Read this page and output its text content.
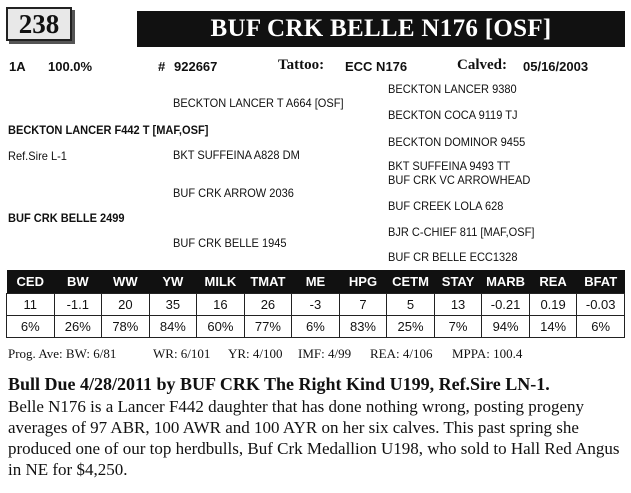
238	BUF CRK BELLE N176 [OSF]
1A 100.0%	# 922667	Tattoo: ECC N176	Calved: 05/16/2003
BECKTON LANCER F442 T [MAF,OSF]
Ref.Sire L-1
BUF CRK BELLE 2499
BECKTON LANCER T A664 [OSF]
BKT SUFFEINA A828 DM
BUF CRK ARROW 2036
BUF CRK BELLE 1945
BECKTON LANCER 9380
BECKTON COCA 9119 TJ
BECKTON DOMINOR 9455
BKT SUFFEINA 9493 TT
BUF CRK VC ARROWHEAD
BUF CREEK LOLA 628
BJR C-CHIEF 811 [MAF,OSF]
BUF CR BELLE ECC1328
CED	BW	WW	YW	MILK	TMAT	ME	HPG	CETM	STAY	MARB	REA	BFAT
11	-1.1	20	35	16	26	-3	7	5	13	-0.21	0.19	-0.03
6%	26%	78%	84%	60%	77%	6%	83%	25%	7%	94%	14%	6%
Prog. Ave: BW: 6/81	WR: 6/101 YR: 4/100 IMF: 4/99 REA: 4/106 MPPA: 100.4
Bull Due 4/28/2011 by BUF CRK The Right Kind U199, Ref.Sire LN-1.
Belle N176 is a Lancer F442 daughter that has done nothing wrong, posting progeny averages of 97 ABR, 100 AWR and 100 AYR on her six calves. This past spring she produced one of our top herdbulls, Buf Crk Medallion U198, who sold to Hall Red Angus in NE for $4,250.
